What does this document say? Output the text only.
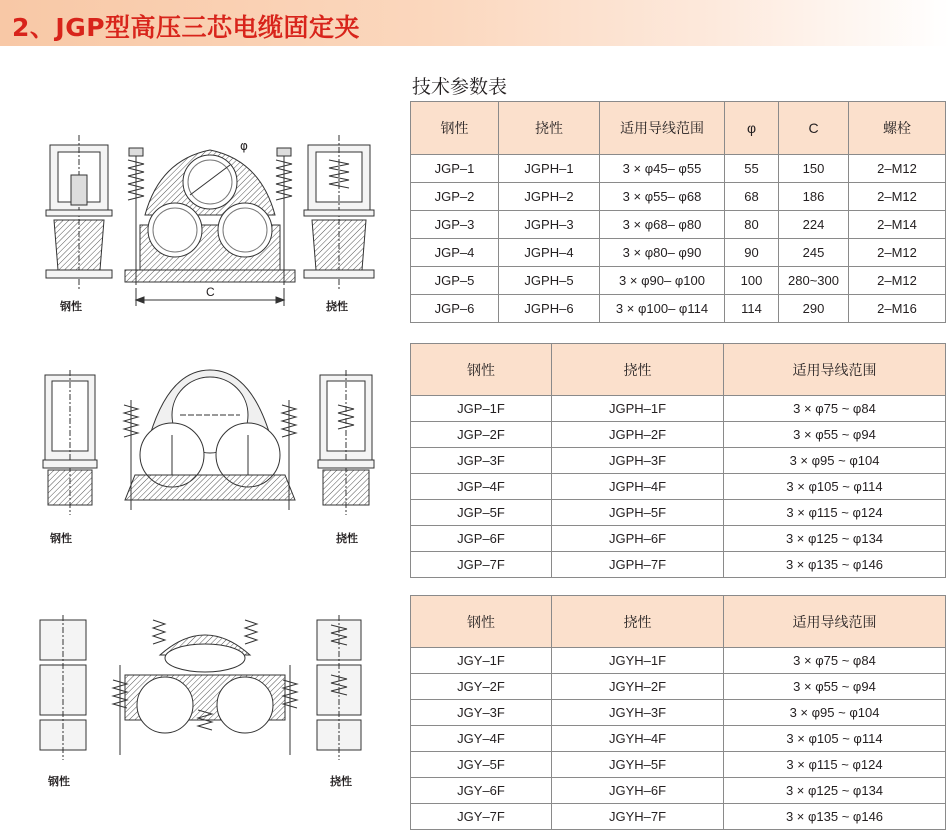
2、JGP型高压三芯电缆固定夹
技术参数表
C
φ
钢性	挠性
钢性	挠性
钢性	挠性
钢性	挠性	适用导线范围	φ	C	螺栓
JGP–1	JGPH–1	3 × φ45– φ55	55	150	2–M12
JGP–2	JGPH–2	3 × φ55– φ68	68	186	2–M12
JGP–3	JGPH–3	3 × φ68– φ80	80	224	2–M14
JGP–4	JGPH–4	3 × φ80– φ90	90	245	2–M12
JGP–5	JGPH–5	3 × φ90– φ100	100	280~300	2–M12
JGP–6	JGPH–6	3 × φ100– φ114	114	290	2–M16
钢性	挠性	适用导线范围
JGP–1F	JGPH–1F	3 × φ75 ~ φ84
JGP–2F	JGPH–2F	3 × φ55 ~ φ94
JGP–3F	JGPH–3F	3 × φ95 ~ φ104
JGP–4F	JGPH–4F	3 × φ105 ~ φ114
JGP–5F	JGPH–5F	3 × φ115 ~ φ124
JGP–6F	JGPH–6F	3 × φ125 ~ φ134
JGP–7F	JGPH–7F	3 × φ135 ~ φ146
钢性	挠性	适用导线范围
JGY–1F	JGYH–1F	3 × φ75 ~ φ84
JGY–2F	JGYH–2F	3 × φ55 ~ φ94
JGY–3F	JGYH–3F	3 × φ95 ~ φ104
JGY–4F	JGYH–4F	3 × φ105 ~ φ114
JGY–5F	JGYH–5F	3 × φ115 ~ φ124
JGY–6F	JGYH–6F	3 × φ125 ~ φ134
JGY–7F	JGYH–7F	3 × φ135 ~ φ146
